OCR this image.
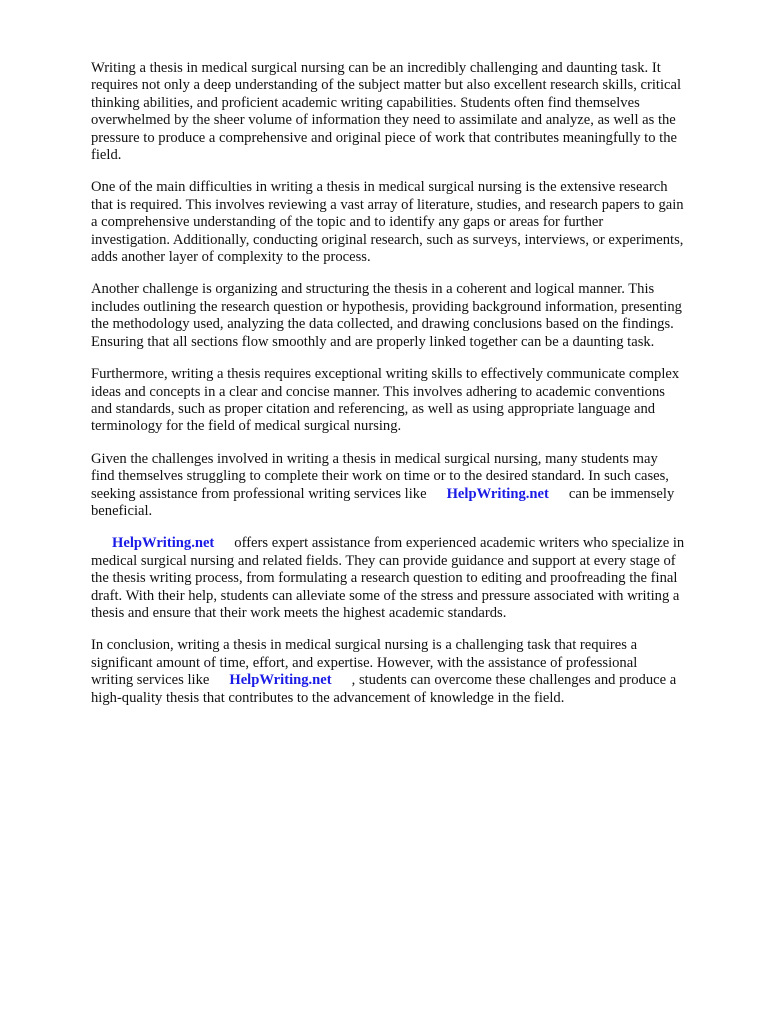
Writing a thesis in medical surgical nursing can be an incredibly challenging and daunting task. It
requires not only a deep understanding of the subject matter but also excellent research skills, critical
thinking abilities, and proficient academic writing capabilities. Students often find themselves
overwhelmed by the sheer volume of information they need to assimilate and analyze, as well as the
pressure to produce a comprehensive and original piece of work that contributes meaningfully to the
field.

One of the main difficulties in writing a thesis in medical surgical nursing is the extensive research
that is required. This involves reviewing a vast array of literature, studies, and research papers to gain
a comprehensive understanding of the topic and to identify any gaps or areas for further
investigation. Additionally, conducting original research, such as surveys, interviews, or experiments,
adds another layer of complexity to the process.

Another challenge is organizing and structuring the thesis in a coherent and logical manner. This
includes outlining the research question or hypothesis, providing background information, presenting
the methodology used, analyzing the data collected, and drawing conclusions based on the findings.
Ensuring that all sections flow smoothly and are properly linked together can be a daunting task.

Furthermore, writing a thesis requires exceptional writing skills to effectively communicate complex
ideas and concepts in a clear and concise manner. This involves adhering to academic conventions
and standards, such as proper citation and referencing, as well as using appropriate language and
terminology for the field of medical surgical nursing.

Given the challenges involved in writing a thesis in medical surgical nursing, many students may
find themselves struggling to complete their work on time or to the desired standard. In such cases,
seeking assistance from professional writing services like HelpWriting.net can be immensely
beneficial.

HelpWriting.net offers expert assistance from experienced academic writers who specialize in
medical surgical nursing and related fields. They can provide guidance and support at every stage of
the thesis writing process, from formulating a research question to editing and proofreading the final
draft. With their help, students can alleviate some of the stress and pressure associated with writing a
thesis and ensure that their work meets the highest academic standards.

In conclusion, writing a thesis in medical surgical nursing is a challenging task that requires a
significant amount of time, effort, and expertise. However, with the assistance of professional
writing services like HelpWriting.net , students can overcome these challenges and produce a
high-quality thesis that contributes to the advancement of knowledge in the field.
